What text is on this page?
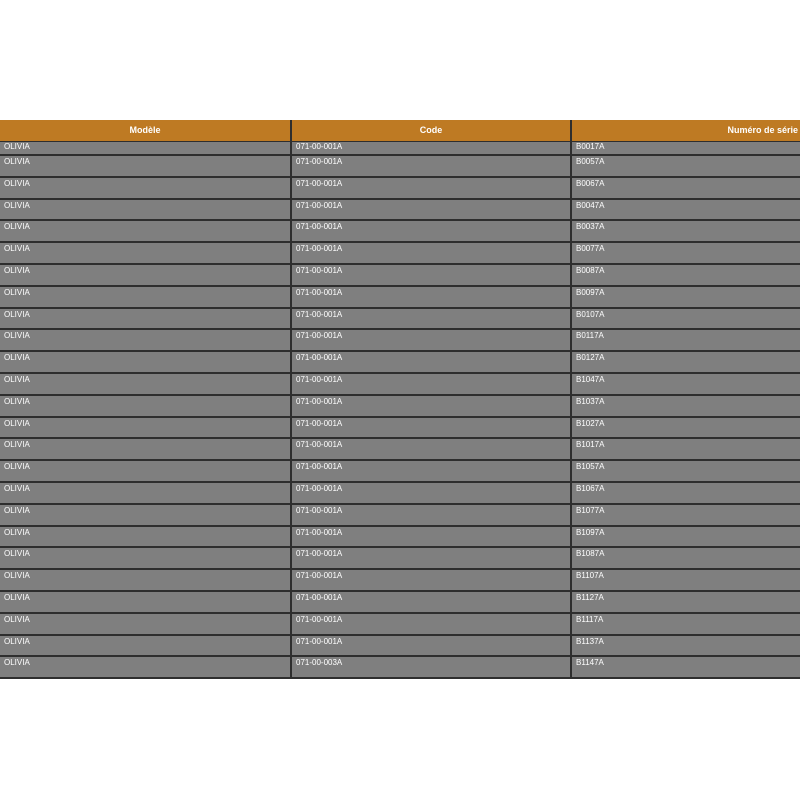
Modèle	Code	Numéro de série
OLIVIA	071-00-001A	B0017A
OLIVIA	071-00-001A	B0057A
OLIVIA	071-00-001A	B0067A
OLIVIA	071-00-001A	B0047A
OLIVIA	071-00-001A	B0037A
OLIVIA	071-00-001A	B0077A
OLIVIA	071-00-001A	B0087A
OLIVIA	071-00-001A	B0097A
OLIVIA	071-00-001A	B0107A
OLIVIA	071-00-001A	B0117A
OLIVIA	071-00-001A	B0127A
OLIVIA	071-00-001A	B1047A
OLIVIA	071-00-001A	B1037A
OLIVIA	071-00-001A	B1027A
OLIVIA	071-00-001A	B1017A
OLIVIA	071-00-001A	B1057A
OLIVIA	071-00-001A	B1067A
OLIVIA	071-00-001A	B1077A
OLIVIA	071-00-001A	B1097A
OLIVIA	071-00-001A	B1087A
OLIVIA	071-00-001A	B1107A
OLIVIA	071-00-001A	B1127A
OLIVIA	071-00-001A	B1117A
OLIVIA	071-00-001A	B1137A
OLIVIA	071-00-003A	B1147A
